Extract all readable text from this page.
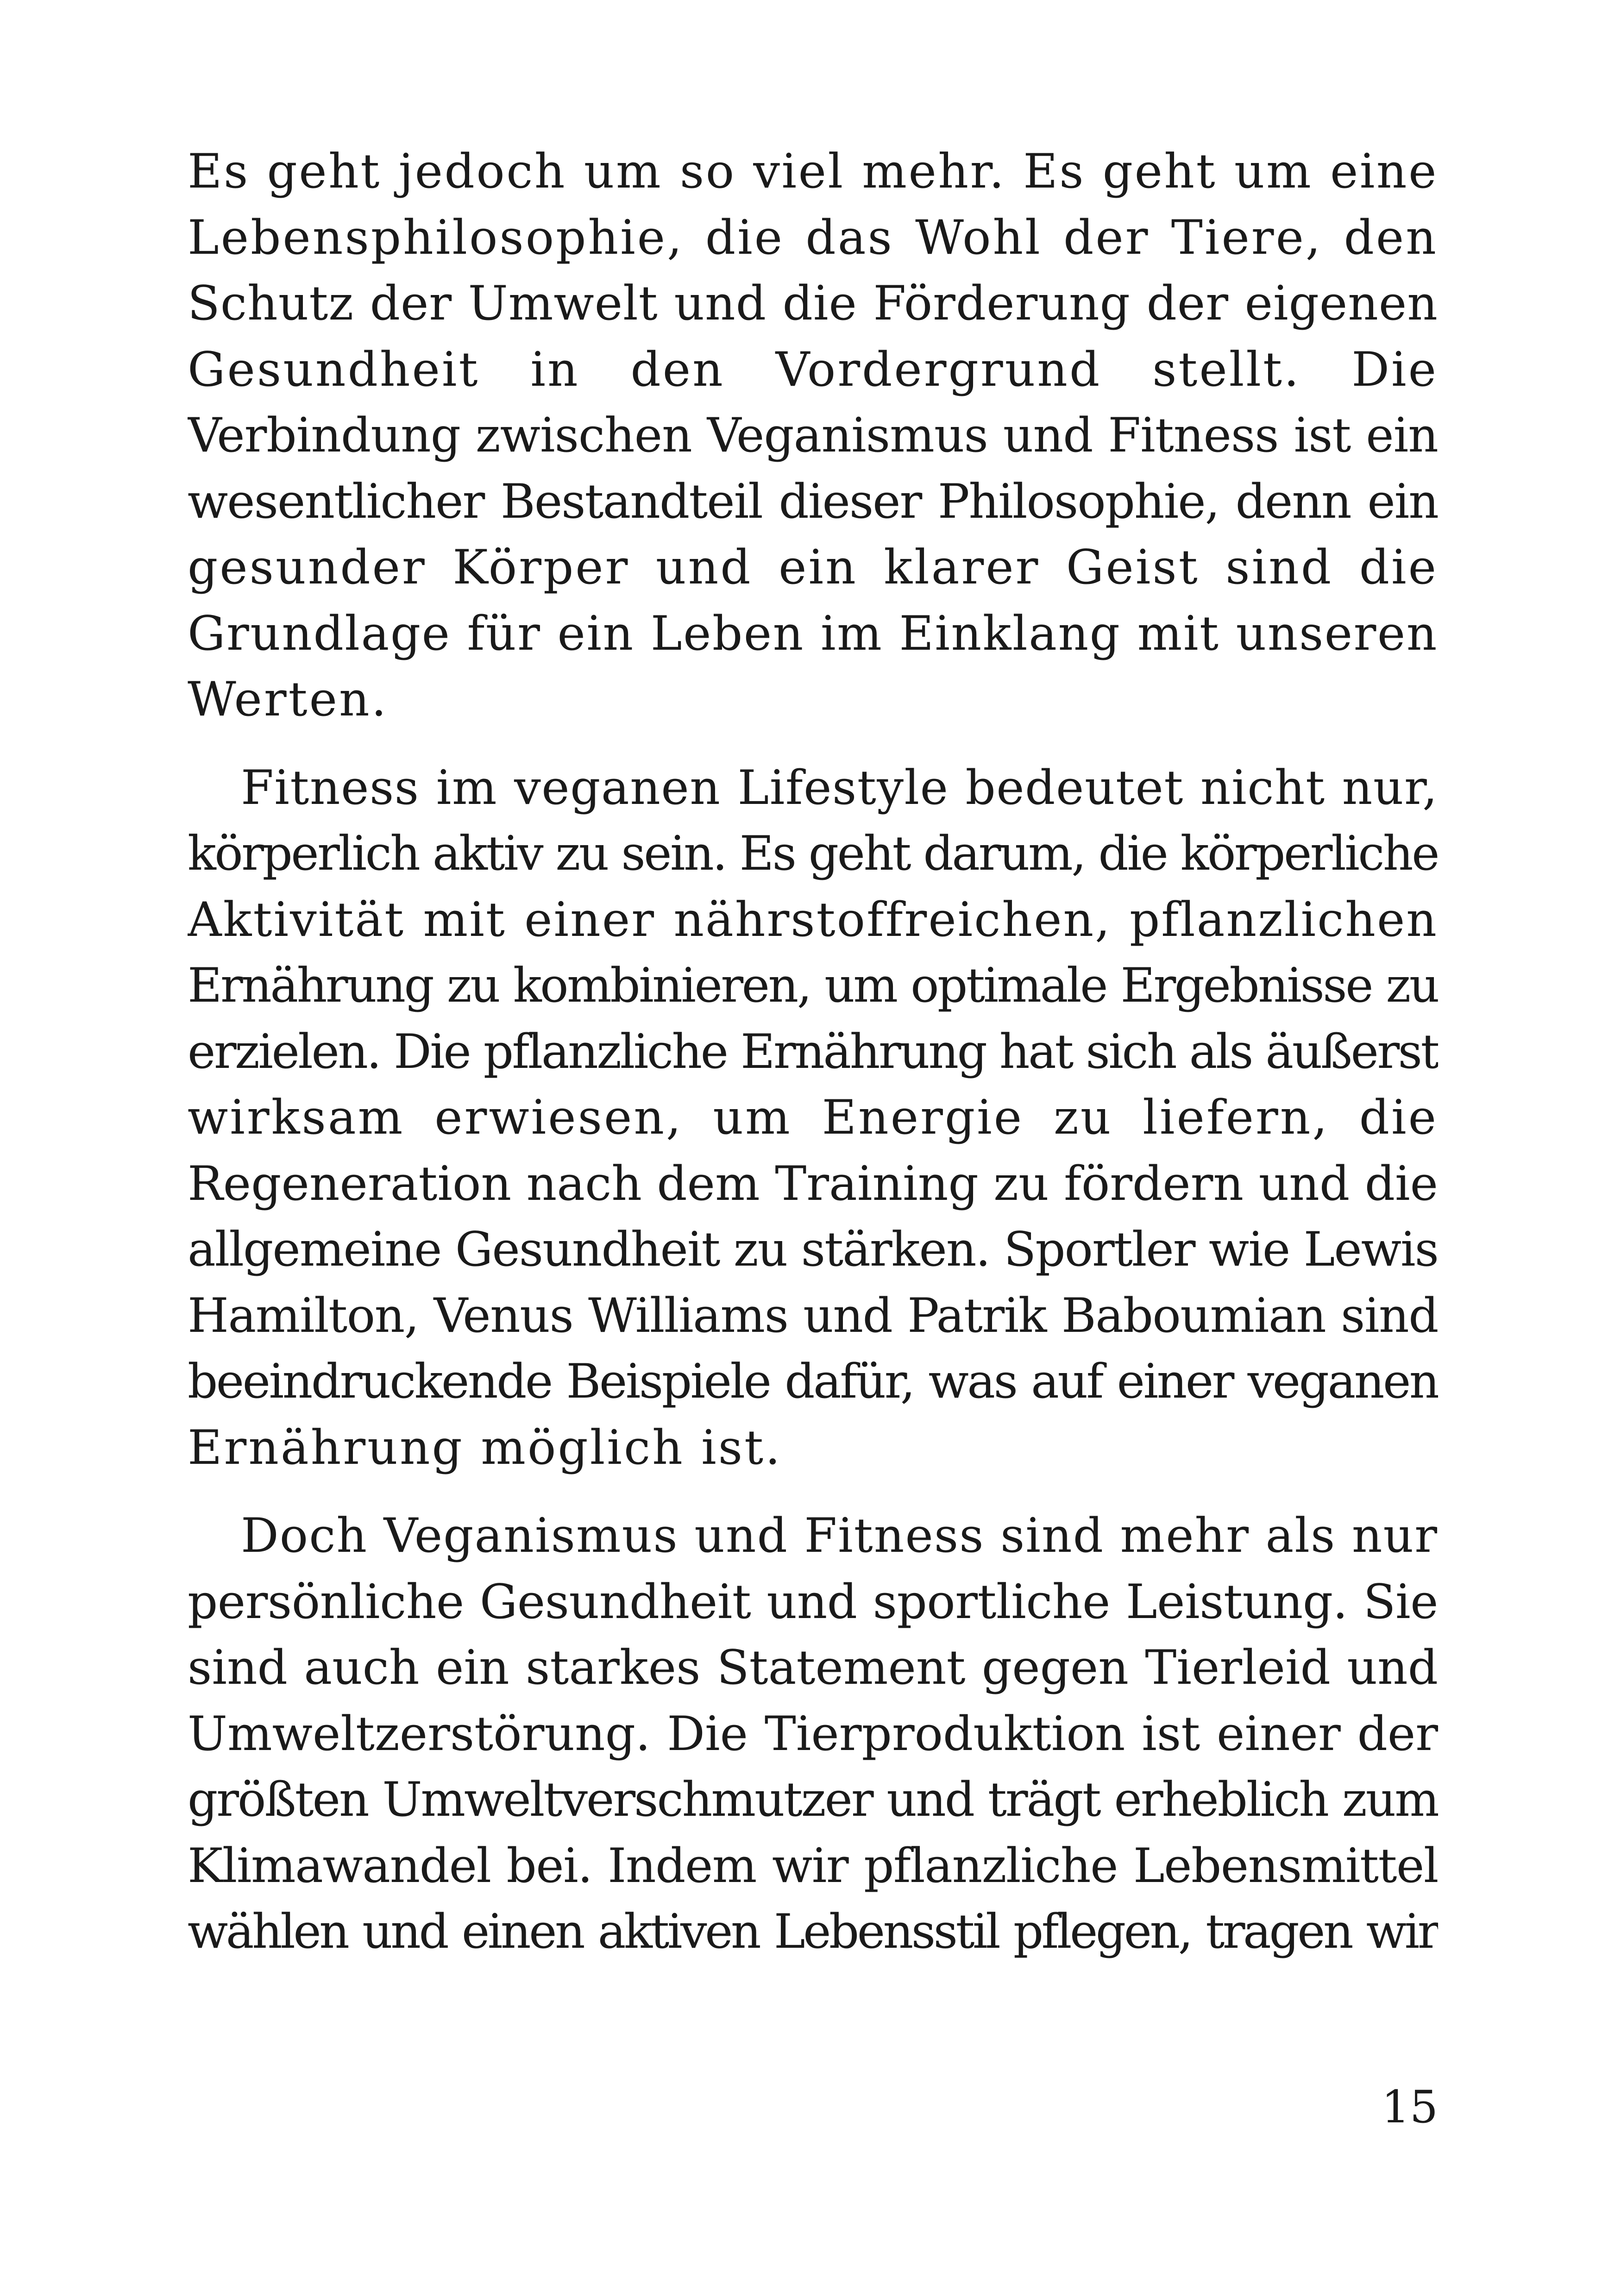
Es geht jedoch um so viel mehr. Es geht um eine
Lebensphilosophie, die das Wohl der Tiere, den
Schutz der Umwelt und die Förderung der eigenen
Gesundheit in den Vordergrund stellt. Die
Verbindung zwischen Veganismus und Fitness ist ein
wesentlicher Bestandteil dieser Philosophie, denn ein
gesunder Körper und ein klarer Geist sind die
Grundlage für ein Leben im Einklang mit unseren
Werten.

Fitness im veganen Lifestyle bedeutet nicht nur,
körperlich aktiv zu sein. Es geht darum, die körperliche
Aktivität mit einer nährstoffreichen, pflanzlichen
Ernährung zu kombinieren, um optimale Ergebnisse zu
erzielen. Die pflanzliche Ernährung hat sich als äußerst
wirksam erwiesen, um Energie zu liefern, die
Regeneration nach dem Training zu fördern und die
allgemeine Gesundheit zu stärken. Sportler wie Lewis
Hamilton, Venus Williams und Patrik Baboumian sind
beeindruckende Beispiele dafür, was auf einer veganen
Ernährung möglich ist.

Doch Veganismus und Fitness sind mehr als nur
persönliche Gesundheit und sportliche Leistung. Sie
sind auch ein starkes Statement gegen Tierleid und
Umweltzerstörung. Die Tierproduktion ist einer der
größten Umweltverschmutzer und trägt erheblich zum
Klimawandel bei. Indem wir pflanzliche Lebensmittel
wählen und einen aktiven Lebensstil pflegen, tragen wir

15
